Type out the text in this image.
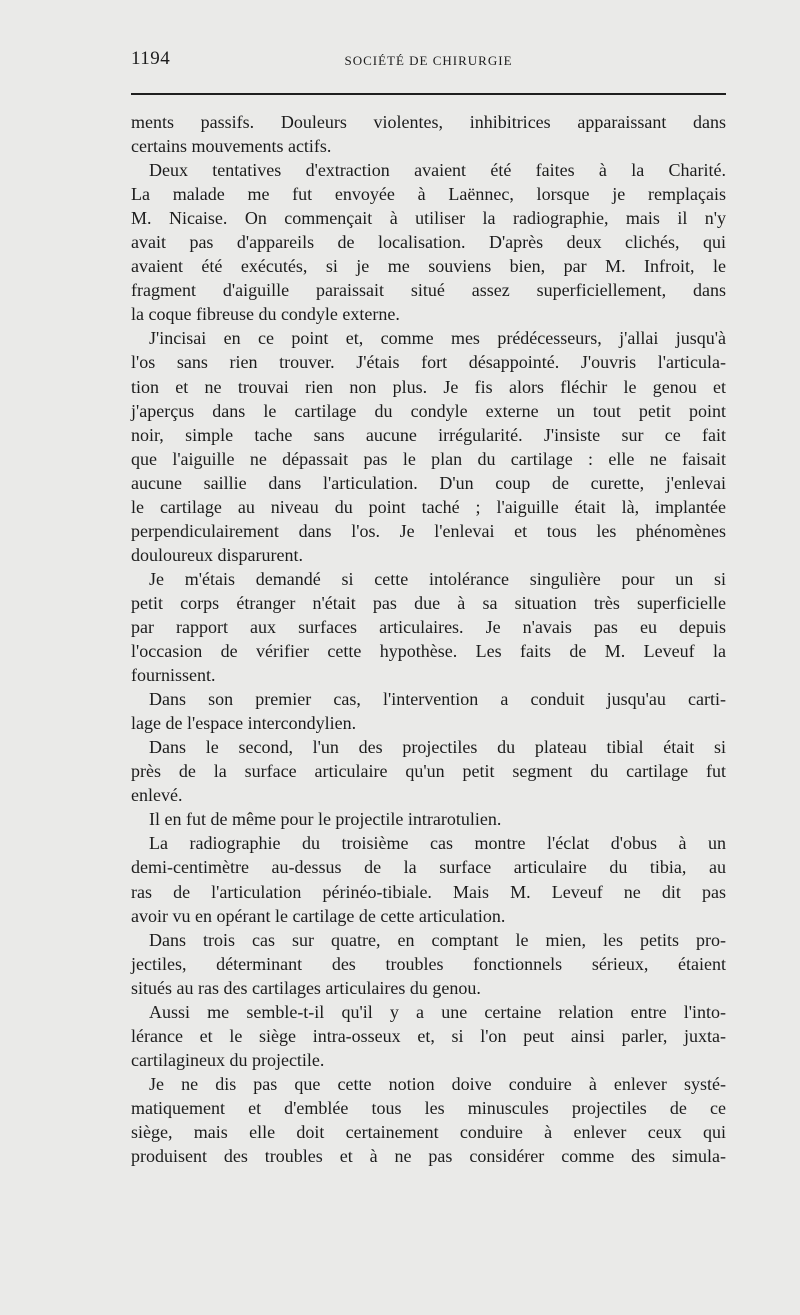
1194	SOCIÉTÉ DE CHIRURGIE
ments passifs. Douleurs violentes, inhibitrices apparaissant dans
certains mouvements actifs.
Deux tentatives d'extraction avaient été faites à la Charité.
La malade me fut envoyée à Laënnec, lorsque je remplaçais
M. Nicaise. On commençait à utiliser la radiographie, mais il n'y
avait pas d'appareils de localisation. D'après deux clichés, qui
avaient été exécutés, si je me souviens bien, par M. Infroit, le
fragment d'aiguille paraissait situé assez superficiellement, dans
la coque fibreuse du condyle externe.
J'incisai en ce point et, comme mes prédécesseurs, j'allai jusqu'à
l'os sans rien trouver. J'étais fort désappointé. J'ouvris l'articula-
tion et ne trouvai rien non plus. Je fis alors fléchir le genou et
j'aperçus dans le cartilage du condyle externe un tout petit point
noir, simple tache sans aucune irrégularité. J'insiste sur ce fait
que l'aiguille ne dépassait pas le plan du cartilage : elle ne faisait
aucune saillie dans l'articulation. D'un coup de curette, j'enlevai
le cartilage au niveau du point taché ; l'aiguille était là, implantée
perpendiculairement dans l'os. Je l'enlevai et tous les phénomènes
douloureux disparurent.
Je m'étais demandé si cette intolérance singulière pour un si
petit corps étranger n'était pas due à sa situation très superficielle
par rapport aux surfaces articulaires. Je n'avais pas eu depuis
l'occasion de vérifier cette hypothèse. Les faits de M. Leveuf la
fournissent.
Dans son premier cas, l'intervention a conduit jusqu'au carti-
lage de l'espace intercondylien.
Dans le second, l'un des projectiles du plateau tibial était si
près de la surface articulaire qu'un petit segment du cartilage fut
enlevé.
Il en fut de même pour le projectile intrarotulien.
La radiographie du troisième cas montre l'éclat d'obus à un
demi-centimètre au-dessus de la surface articulaire du tibia, au
ras de l'articulation périnéo-tibiale. Mais M. Leveuf ne dit pas
avoir vu en opérant le cartilage de cette articulation.
Dans trois cas sur quatre, en comptant le mien, les petits pro-
jectiles, déterminant des troubles fonctionnels sérieux, étaient
situés au ras des cartilages articulaires du genou.
Aussi me semble-t-il qu'il y a une certaine relation entre l'into-
lérance et le siège intra-osseux et, si l'on peut ainsi parler, juxta-
cartilagineux du projectile.
Je ne dis pas que cette notion doive conduire à enlever systé-
matiquement et d'emblée tous les minuscules projectiles de ce
siège, mais elle doit certainement conduire à enlever ceux qui
produisent des troubles et à ne pas considérer comme des simula-
